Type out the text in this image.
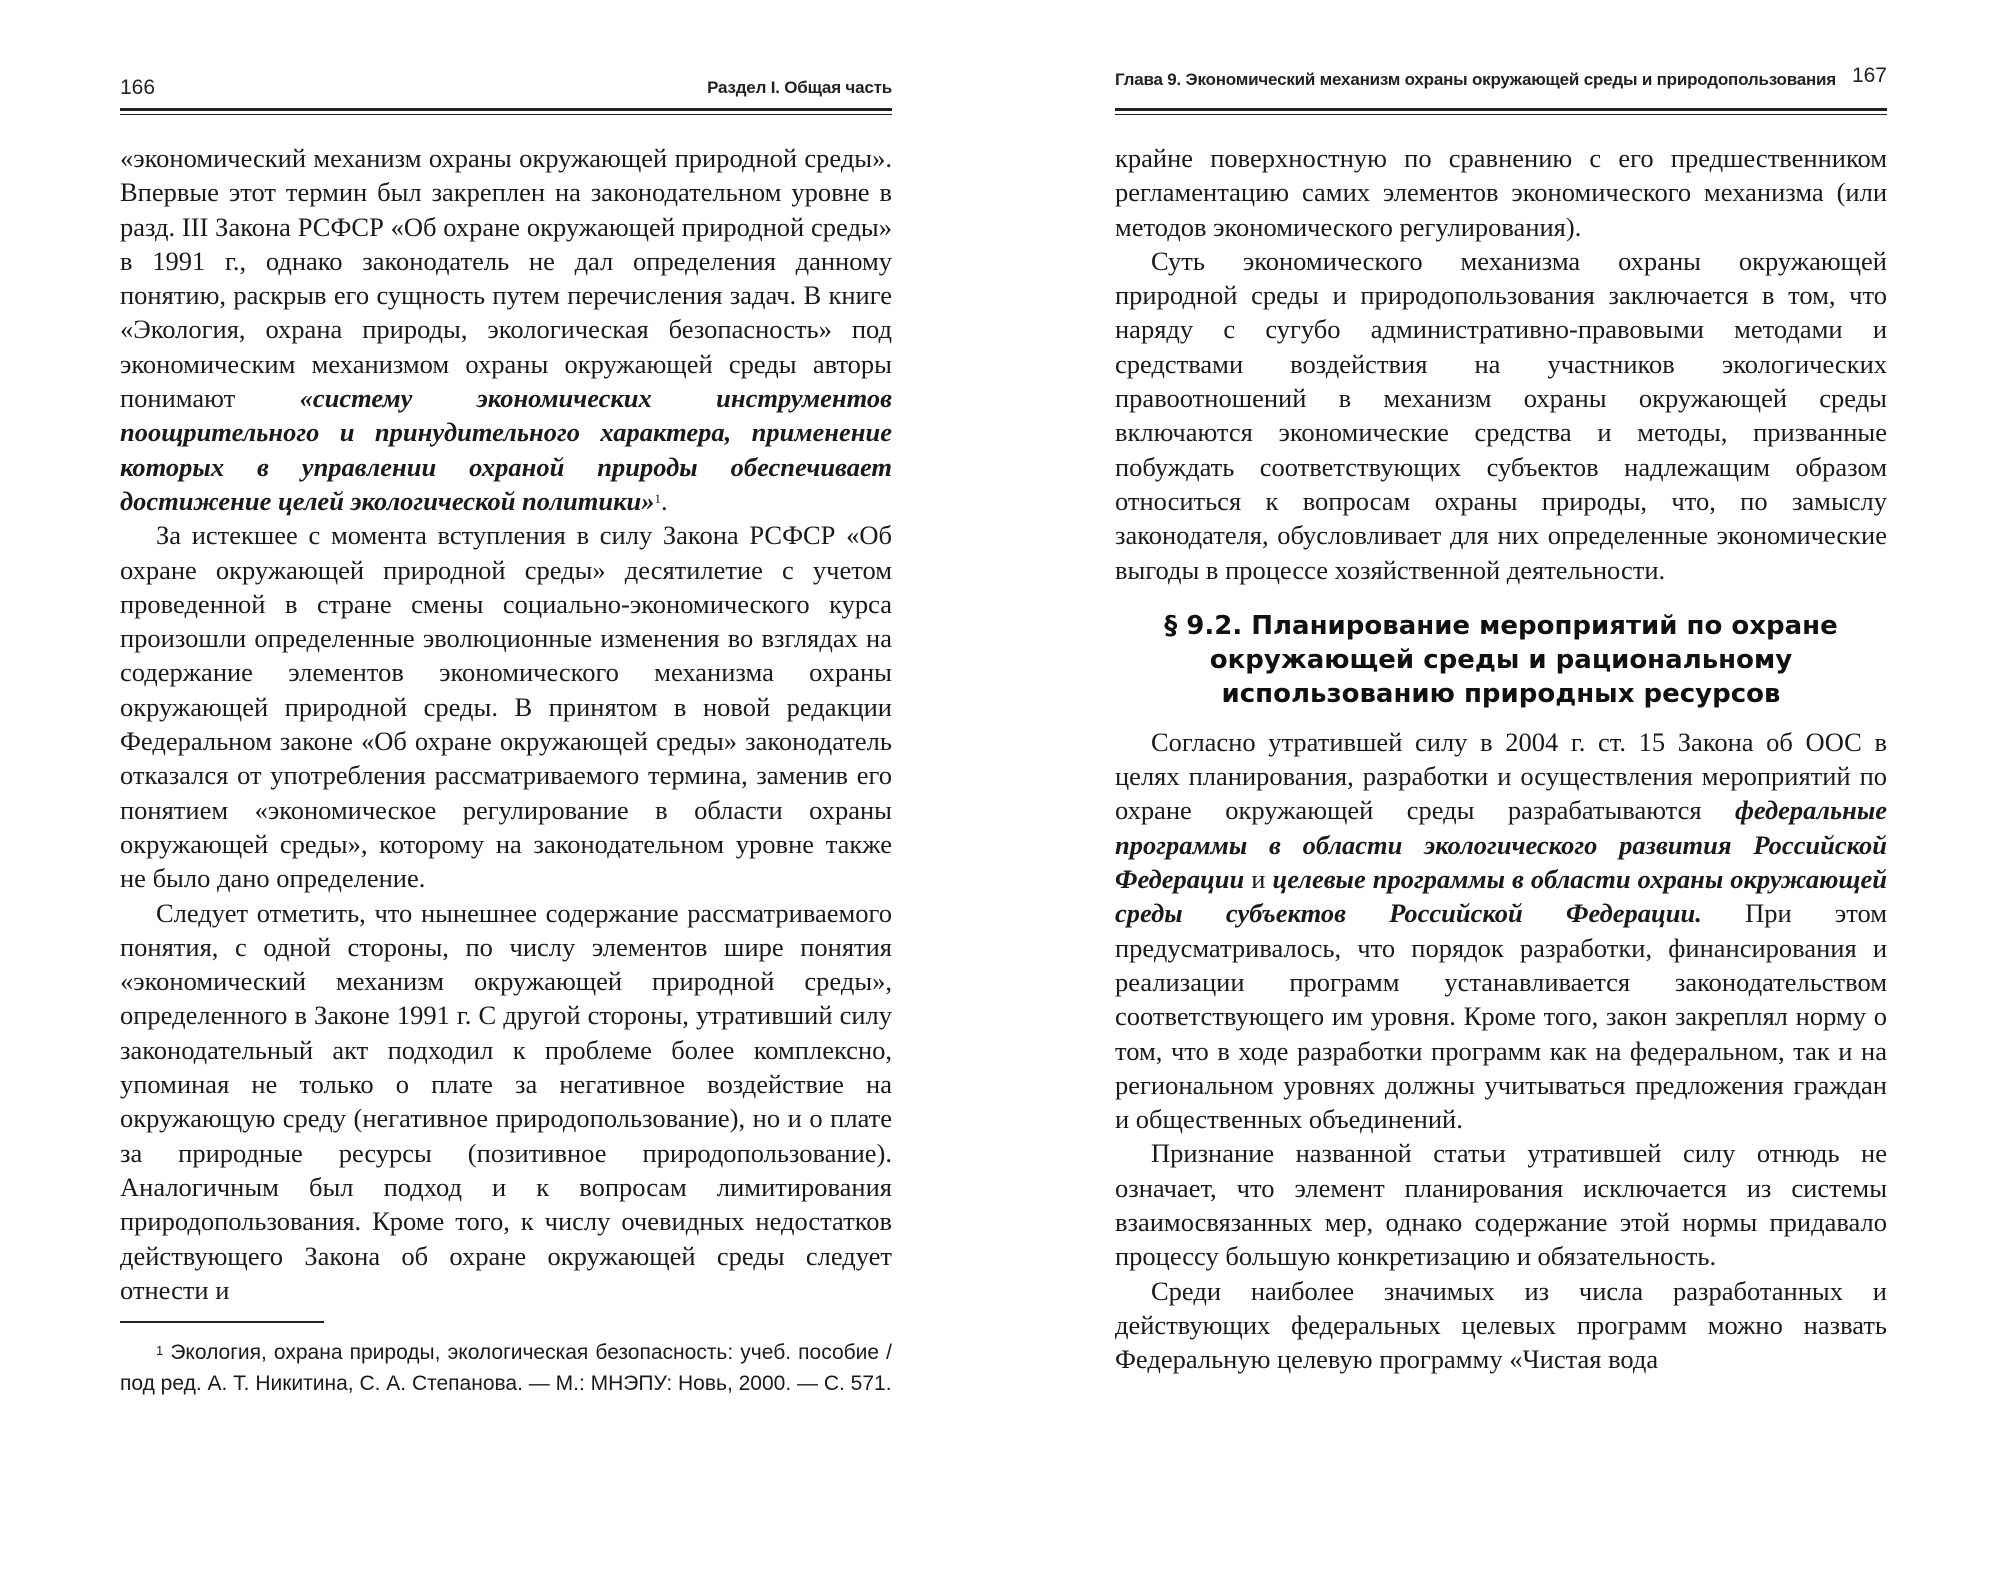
166	Раздел I. Общая часть

«экономический механизм охраны окружающей природной среды». Впервые этот термин был закреплен на законодательном уровне в разд. III Закона РСФСР «Об охране окружающей природной среды» в 1991 г., однако законодатель не дал определения данному понятию, раскрыв его сущность путем перечисления задач. В книге «Экология, охрана природы, экологическая безопасность» под экономическим механизмом охраны окружающей среды авторы понимают «систему экономических инструментов поощрительного и принудительного характера, применение которых в управлении охраной природы обеспечивает достижение целей экологической политики»$^1$.

За истекшее с момента вступления в силу Закона РСФСР «Об охране окружающей природной среды» десятилетие с учетом проведенной в стране смены социально-экономического курса произошли определенные эволюционные изменения во взглядах на содержание элементов экономического механизма охраны окружающей природной среды. В принятом в новой редакции Федеральном законе «Об охране окружающей среды» законодатель отказался от употребления рассматриваемого термина, заменив его понятием «экономическое регулирование в области охраны окружающей среды», которому на законодательном уровне также не было дано определение.

Следует отметить, что нынешнее содержание рассматриваемого понятия, с одной стороны, по числу элементов шире понятия «экономический механизм окружающей природной среды», определенного в Законе 1991 г. С другой стороны, утративший силу законодательный акт подходил к проблеме более комплексно, упоминая не только о плате за негативное воздействие на окружающую среду (негативное природопользование), но и о плате за природные ресурсы (позитивное природопользование). Аналогичным был подход и к вопросам лимитирования природопользования. Кроме того, к числу очевидных недостатков действующего Закона об охране окружающей среды следует отнести и

$^1$ Экология, охрана природы, экологическая безопасность: учеб. пособие / под ред. А. Т. Никитина, С. А. Степанова. — М.: МНЭПУ: Новь, 2000. — С. 571.
Глава 9. Экономический механизм охраны окружающей среды и природопользования 167

крайне поверхностную по сравнению с его предшественником регламентацию самих элементов экономического механизма (или методов экономического регулирования).

Суть экономического механизма охраны окружающей природной среды и природопользования заключается в том, что наряду с сугубо административно-правовыми методами и средствами воздействия на участников экологических правоотношений в механизм охраны окружающей среды включаются экономические средства и методы, призванные побуждать соответствующих субъектов надлежащим образом относиться к вопросам охраны природы, что, по замыслу законодателя, обусловливает для них определенные экономические выгоды в процессе хозяйственной деятельности.

§ 9.2. Планирование мероприятий по охране окружающей среды и рациональному использованию природных ресурсов

Согласно утратившей силу в 2004 г. ст. 15 Закона об ООС в целях планирования, разработки и осуществления мероприятий по охране окружающей среды разрабатываются федеральные программы в области экологического развития Российской Федерации и целевые программы в области охраны окружающей среды субъектов Российской Федерации. При этом предусматривалось, что порядок разработки, финансирования и реализации программ устанавливается законодательством соответствующего им уровня. Кроме того, закон закреплял норму о том, что в ходе разработки программ как на федеральном, так и на региональном уровнях должны учитываться предложения граждан и общественных объединений.

Признание названной статьи утратившей силу отнюдь не означает, что элемент планирования исключается из системы взаимосвязанных мер, однако содержание этой нормы придавало процессу большую конкретизацию и обязательность.

Среди наиболее значимых из числа разработанных и действующих федеральных целевых программ можно назвать Федеральную целевую программу «Чистая вода
